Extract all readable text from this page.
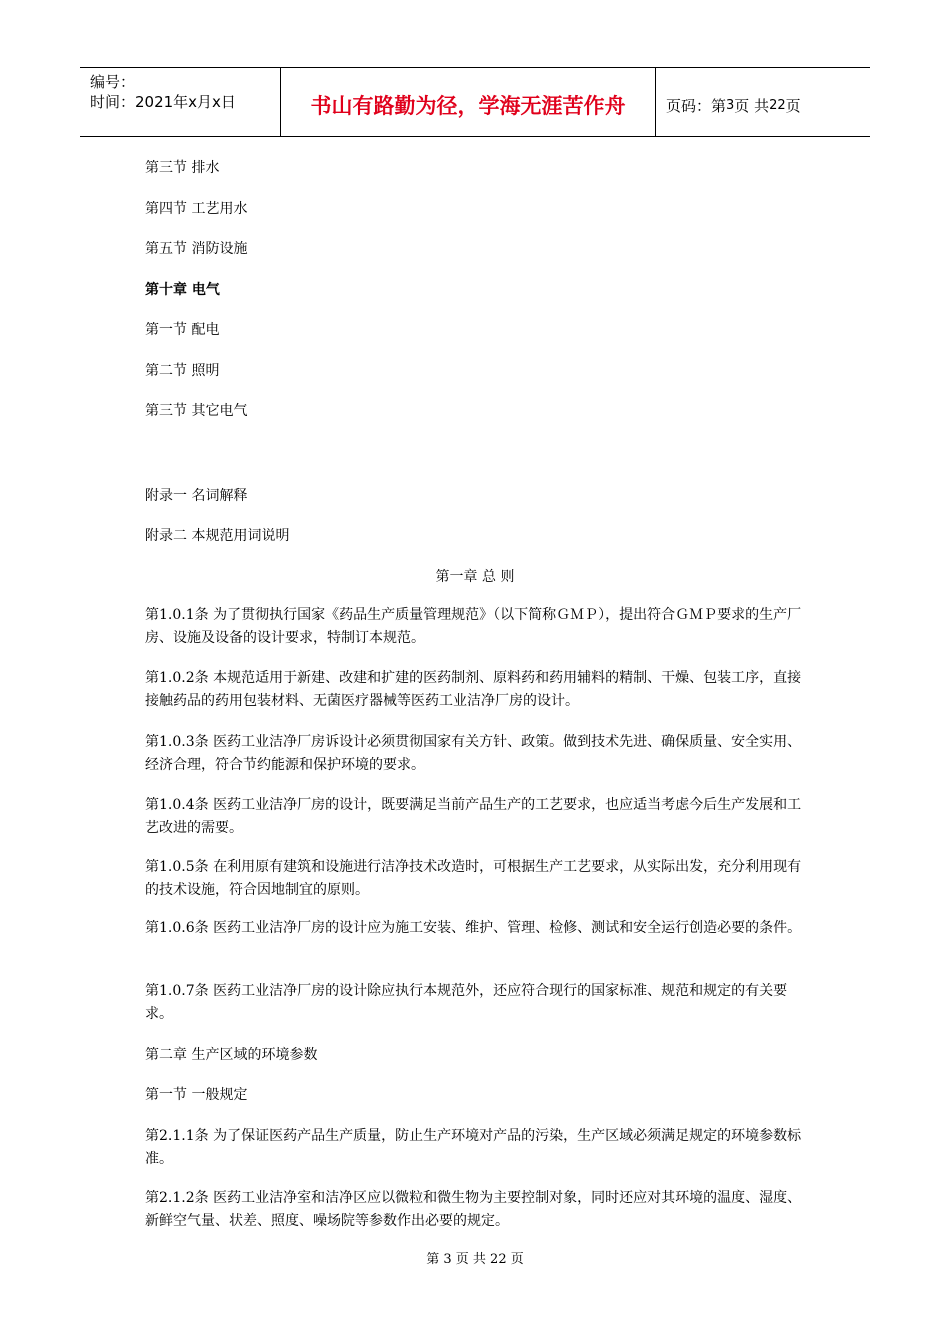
编号：
时间：2021年x月x日	书山有路勤为径，学海无涯苦作舟	页码：第 3 页 共 22 页

第三节 排水

第四节 工艺用水

第五节 消防设施

第十章 电气

第一节 配电

第二节 照明

第三节 其它电气

附录一 名词解释

附录二 本规范用词说明

第一章 总 则

第1.0.1条 为了贯彻执行国家《药品生产质量管理规范》（以下简称ＧＭＰ），提出符合ＧＭＰ要求的生产厂房、设施及设备的设计要求，特制订本规范。

第1.0.2条 本规范适用于新建、改建和扩建的医药制剂、原料药和药用辅料的精制、干燥、包装工序，直接接触药品的药用包装材料、无菌医疗器械等医药工业洁净厂房的设计。

第1.0.3条 医药工业洁净厂房诉设计必须贯彻国家有关方针、政策。做到技术先进、确保质量、安全实用、经济合理，符合节约能源和保护环境的要求。

第1.0.4条 医药工业洁净厂房的设计，既要满足当前产品生产的工艺要求，也应适当考虑今后生产发展和工艺改进的需要。

第1.0.5条 在利用原有建筑和设施进行洁净技术改造时，可根据生产工艺要求，从实际出发，充分利用现有的技术设施，符合因地制宜的原则。

第1.0.6条 医药工业洁净厂房的设计应为施工安装、维护、管理、检修、测试和安全运行创造必要的条件。

第1.0.7条 医药工业洁净厂房的设计除应执行本规范外，还应符合现行的国家标准、规范和规定的有关要求。

第二章 生产区域的环境参数

第一节 一般规定

第2.1.1条 为了保证医药产品生产质量，防止生产环境对产品的污染，生产区域必须满足规定的环境参数标准。

第2.1.2条 医药工业洁净室和洁净区应以微粒和微生物为主要控制对象，同时还应对其环境的温度、湿度、新鲜空气量、状差、照度、噪场院等参数作出必要的规定。

第 3 页 共 22 页
